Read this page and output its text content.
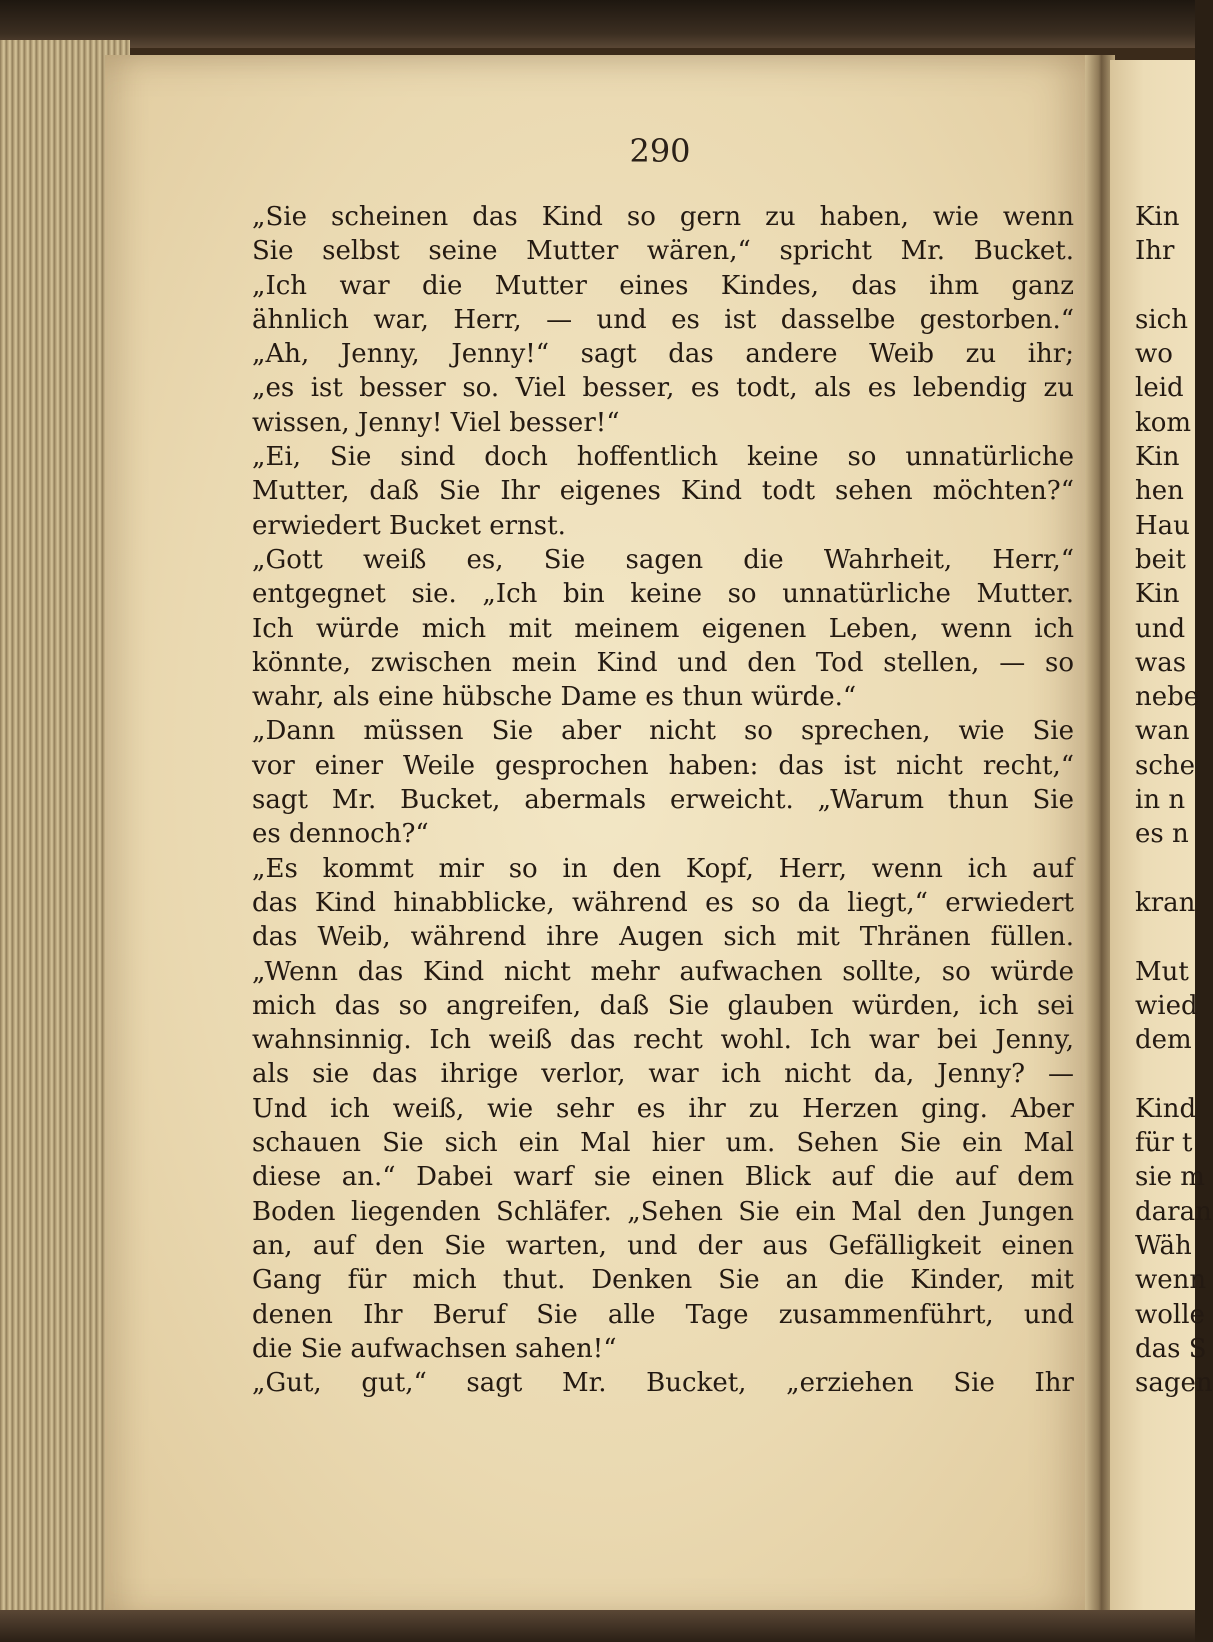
290
„Sie scheinen das Kind so gern zu haben, wie wenn
Sie selbst seine Mutter wären,“ spricht Mr. Bucket.
„Ich war die Mutter eines Kindes, das ihm ganz
ähnlich war, Herr, — und es ist dasselbe gestorben.“
„Ah, Jenny, Jenny!“ sagt das andere Weib zu ihr;
„es ist besser so. Viel besser, es todt, als es lebendig zu
wissen, Jenny! Viel besser!“
„Ei, Sie sind doch hoffentlich keine so unnatürliche
Mutter, daß Sie Ihr eigenes Kind todt sehen möchten?“
erwiedert Bucket ernst.
„Gott weiß es, Sie sagen die Wahrheit, Herr,“
entgegnet sie. „Ich bin keine so unnatürliche Mutter.
Ich würde mich mit meinem eigenen Leben, wenn ich
könnte, zwischen mein Kind und den Tod stellen, — so
wahr, als eine hübsche Dame es thun würde.“
„Dann müssen Sie aber nicht so sprechen, wie Sie
vor einer Weile gesprochen haben: das ist nicht recht,“
sagt Mr. Bucket, abermals erweicht. „Warum thun Sie
es dennoch?“
„Es kommt mir so in den Kopf, Herr, wenn ich auf
das Kind hinabblicke, während es so da liegt,“ erwiedert
das Weib, während ihre Augen sich mit Thränen füllen.
„Wenn das Kind nicht mehr aufwachen sollte, so würde
mich das so angreifen, daß Sie glauben würden, ich sei
wahnsinnig. Ich weiß das recht wohl. Ich war bei Jenny,
als sie das ihrige verlor, war ich nicht da, Jenny? —
Und ich weiß, wie sehr es ihr zu Herzen ging. Aber
schauen Sie sich ein Mal hier um. Sehen Sie ein Mal
diese an.“ Dabei warf sie einen Blick auf die auf dem
Boden liegenden Schläfer. „Sehen Sie ein Mal den Jungen
an, auf den Sie warten, und der aus Gefälligkeit einen
Gang für mich thut. Denken Sie an die Kinder, mit
denen Ihr Beruf Sie alle Tage zusammenführt, und
die Sie aufwachsen sahen!“
„Gut, gut,“ sagt Mr. Bucket, „erziehen Sie Ihr
Kin
Ihr
sich
wo
leid
kom
Kin
hen
Hau
beit
Kin
und
was
nebe
wan
sche
in n
es n
kran
Mut
wied
dem
Kind
für t
sie m
daran
Wäh
wenn
wolle
das S
sagen
